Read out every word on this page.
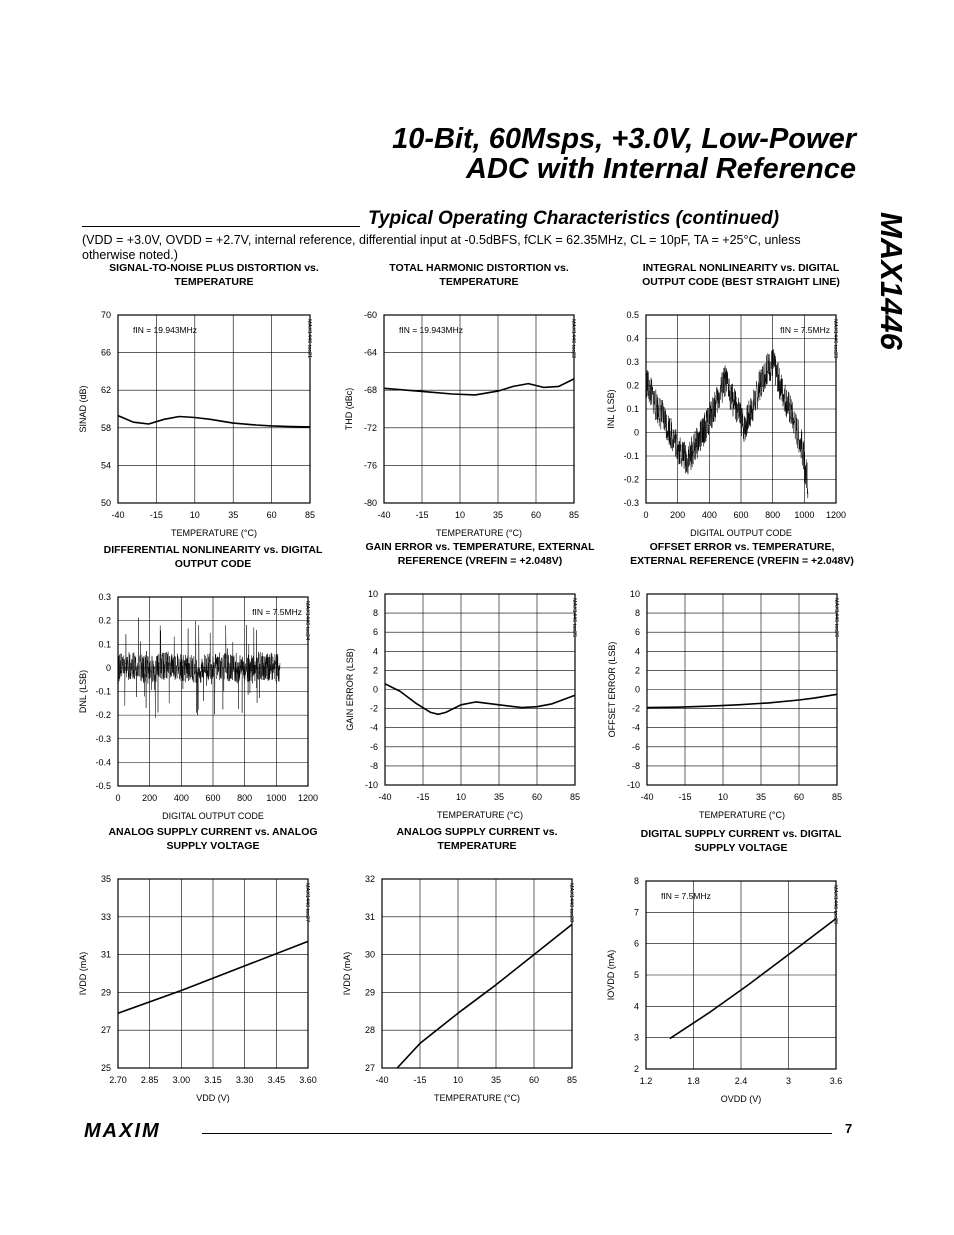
10-Bit, 60Msps, +3.0V, Low-Power
ADC with Internal Reference
MAX1446
Typical Operating Characteristics (continued)
(VDD = +3.0V, OVDD = +2.7V, internal reference, differential input at -0.5dBFS, fCLK = 62.35MHz, CL = 10pF, TA = +25°C, unless otherwise noted.)
SIGNAL-TO-NOISE PLUS DISTORTION vs. TEMPERATURE
-40	-15	10	35	60	85
50
54
58
62
66
70
TEMPERATURE (°C)
SINAD (dB)
fIN = 19.943MHz	MAX1446 toc21
TOTAL HARMONIC DISTORTION vs. TEMPERATURE
-40	-15	10	35	60	85
-80
-76
-72
-68
-64
-60
TEMPERATURE (°C)
THD (dBc)
fIN = 19.943MHz	MAX1446 toc22
INTEGRAL NONLINEARITY vs. DIGITAL OUTPUT CODE (BEST STRAIGHT LINE)
0 200 400 600 800 1000 1200
-0.3
-0.2
-0.1
0
0.1
0.2
0.3
0.4
0.5
DIGITAL OUTPUT CODE
INL (LSB)
fIN = 7.5MHz MAX1446 toc23
DIFFERENTIAL NONLINEARITY vs. DIGITAL OUTPUT CODE
0 200 400 600 800 1000 1200
-0.5
-0.4
-0.3
-0.2
-0.1
0
0.1
0.2
0.3
DIGITAL OUTPUT CODE
DNL (LSB)
fIN = 7.5MHz MAX1446 toc24
GAIN ERROR vs. TEMPERATURE, EXTERNAL REFERENCE (VREFIN = +2.048V)
-40	-15	10	35	60	85
-10
-8
-6
-4
-2
0
2
4
6
8
10
TEMPERATURE (°C)
GAIN ERROR (LSB)
MAX1446 toc25
OFFSET ERROR vs. TEMPERATURE, EXTERNAL REFERENCE (VREFIN = +2.048V)
-40	-15	10	35	60	85
-10
-8
-6
-4
-2
0
2
4
6
8
10
TEMPERATURE (°C)
OFFSET ERROR (LSB)
MAX1446 toc26
ANALOG SUPPLY CURRENT vs. ANALOG SUPPLY VOLTAGE
2.70 2.85 3.00 3.15 3.30 3.45 3.60
25
27
29
31
33
35
VDD (V)
IVDD (mA)
MAX1446 toc27
ANALOG SUPPLY CURRENT vs. TEMPERATURE
-40	-15	10	35	60	85
27
28
29
30
31
32
TEMPERATURE (°C)
IVDD (mA)
MAX1446 toc28
DIGITAL SUPPLY CURRENT vs. DIGITAL SUPPLY VOLTAGE
1.2	1.8	2.4	3	3.6
2
3
4
5
6
7
8
OVDD (V)
IOVDD (mA)
fIN = 7.5MHz	MAX1446 toc29
MAXIM	7
